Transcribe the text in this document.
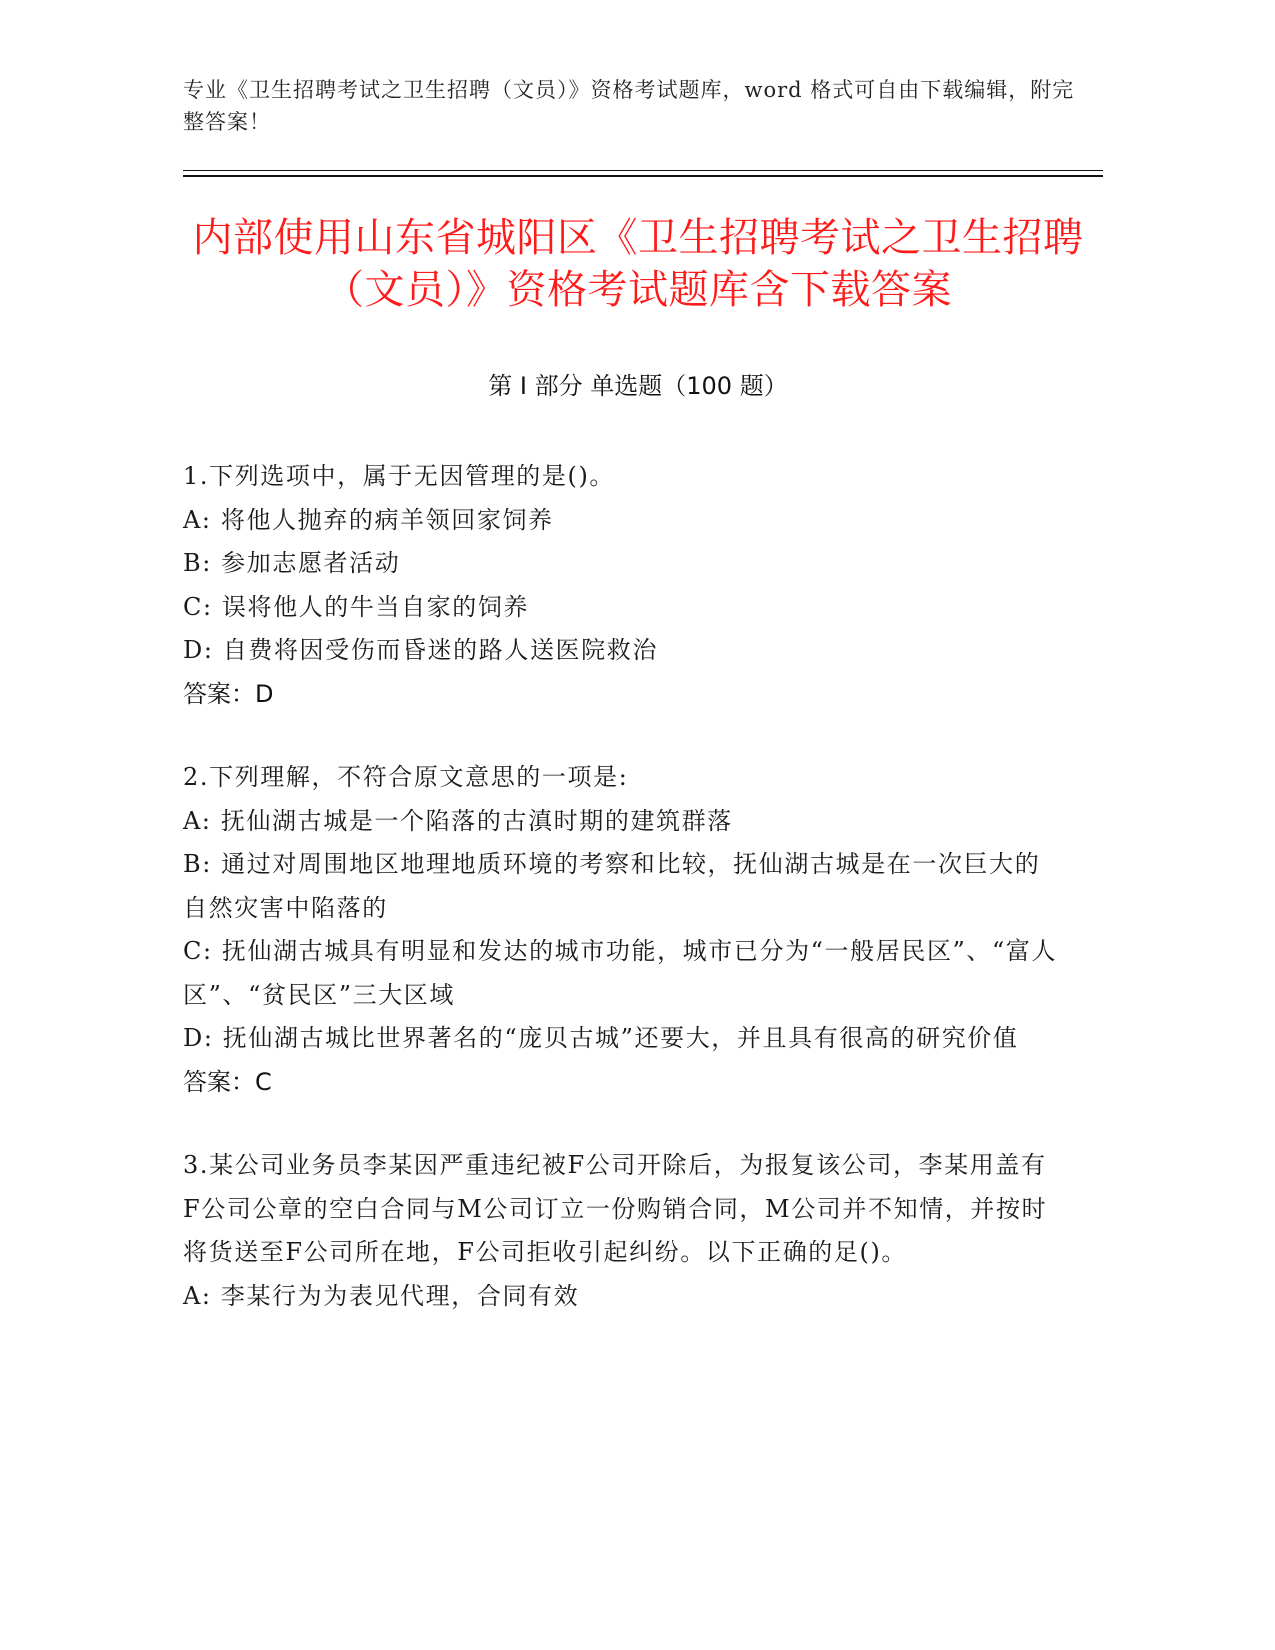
专业《卫生招聘考试之卫生招聘（文员）》资格考试题库，word 格式可自由下载编辑，附完整答案！
内部使用山东省城阳区《卫生招聘考试之卫生招聘（文员）》资格考试题库含下载答案
第 I 部分 单选题（100 题）
1.下列选项中，属于无因管理的是()。
A: 将他人抛弃的病羊领回家饲养
B: 参加志愿者活动
C: 误将他人的牛当自家的饲养
D: 自费将因受伤而昏迷的路人送医院救治
答案：D
2.下列理解，不符合原文意思的一项是:
A: 抚仙湖古城是一个陷落的古滇时期的建筑群落
B: 通过对周围地区地理地质环境的考察和比较，抚仙湖古城是在一次巨大的自然灾害中陷落的
C: 抚仙湖古城具有明显和发达的城市功能，城市已分为“一般居民区”、“富人区”、“贫民区”三大区域
D: 抚仙湖古城比世界著名的“庞贝古城”还要大，并且具有很高的研究价值
答案：C
3.某公司业务员李某因严重违纪被F公司开除后，为报复该公司，李某用盖有F公司公章的空白合同与M公司订立一份购销合同，M公司并不知情，并按时将货送至F公司所在地，F公司拒收引起纠纷。以下正确的足()。
A: 李某行为为表见代理，合同有效
